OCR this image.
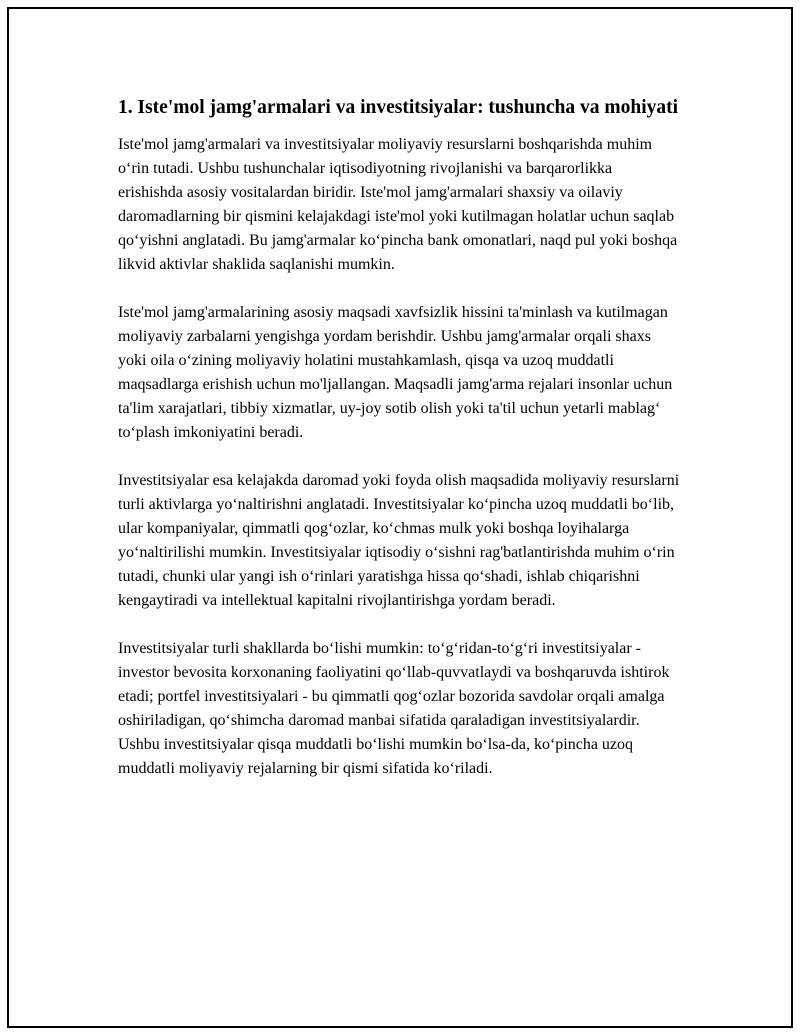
1. Iste'mol jamg'armalari va investitsiyalar: tushuncha va mohiyati

Iste'mol jamg'armalari va investitsiyalar moliyaviy resurslarni boshqarishda muhim o‘rin tutadi. Ushbu tushunchalar iqtisodiyotning rivojlanishi va barqarorlikka erishishda asosiy vositalardan biridir. Iste'mol jamg'armalari shaxsiy va oilaviy daromadlarning bir qismini kelajakdagi iste'mol yoki kutilmagan holatlar uchun saqlab qo‘yishni anglatadi. Bu jamg'armalar ko‘pincha bank omonatlari, naqd pul yoki boshqa likvid aktivlar shaklida saqlanishi mumkin.

Iste'mol jamg'armalarining asosiy maqsadi xavfsizlik hissini ta'minlash va kutilmagan moliyaviy zarbalarni yengishga yordam berishdir. Ushbu jamg'armalar orqali shaxs yoki oila o‘zining moliyaviy holatini mustahkamlash, qisqa va uzoq muddatli maqsadlarga erishish uchun mo'ljallangan. Maqsadli jamg'arma rejalari insonlar uchun ta'lim xarajatlari, tibbiy xizmatlar, uy-joy sotib olish yoki ta'til uchun yetarli mablag‘ to‘plash imkoniyatini beradi.

Investitsiyalar esa kelajakda daromad yoki foyda olish maqsadida moliyaviy resurslarni turli aktivlarga yo‘naltirishni anglatadi. Investitsiyalar ko‘pincha uzoq muddatli bo‘lib, ular kompaniyalar, qimmatli qog‘ozlar, ko‘chmas mulk yoki boshqa loyihalarga yo‘naltirilishi mumkin. Investitsiyalar iqtisodiy o‘sishni rag'batlantirishda muhim o‘rin tutadi, chunki ular yangi ish o‘rinlari yaratishga hissa qo‘shadi, ishlab chiqarishni kengaytiradi va intellektual kapitalni rivojlantirishga yordam beradi.

Investitsiyalar turli shakllarda bo‘lishi mumkin: to‘g‘ridan-to‘g‘ri investitsiyalar - investor bevosita korxonaning faoliyatini qo‘llab-quvvatlaydi va boshqaruvda ishtirok etadi; portfel investitsiyalari - bu qimmatli qog‘ozlar bozorida savdolar orqali amalga oshiriladigan, qo‘shimcha daromad manbai sifatida qaraladigan investitsiyalardir. Ushbu investitsiyalar qisqa muddatli bo‘lishi mumkin bo‘lsa-da, ko‘pincha uzoq muddatli moliyaviy rejalarning bir qismi sifatida ko‘riladi.
